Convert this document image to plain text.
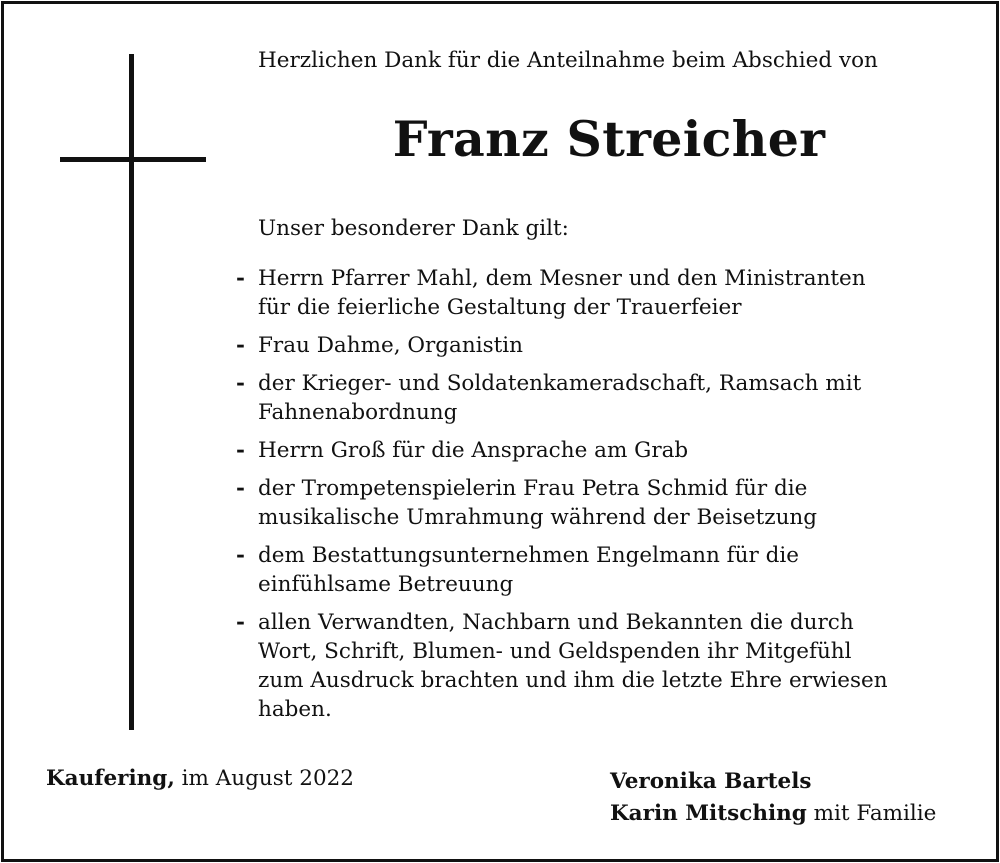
Herzlichen Dank für die Anteilnahme beim Abschied von
Franz Streicher
Unser besonderer Dank gilt:
- Herrn Pfarrer Mahl, dem Mesner und den Ministranten
für die feierliche Gestaltung der Trauerfeier
- Frau Dahme, Organistin
- der Krieger- und Soldatenkameradschaft, Ramsach mit
Fahnenabordnung
- Herrn Groß für die Ansprache am Grab
- der Trompetenspielerin Frau Petra Schmid für die
musikalische Umrahmung während der Beisetzung
- dem Bestattungsunternehmen Engelmann für die
einfühlsame Betreuung
- allen Verwandten, Nachbarn und Bekannten die durch
Wort, Schrift, Blumen- und Geldspenden ihr Mitgefühl
zum Ausdruck brachten und ihm die letzte Ehre erwiesen
haben.
Kaufering, im August 2022	Veronika Bartels
Karin Mitsching mit Familie
